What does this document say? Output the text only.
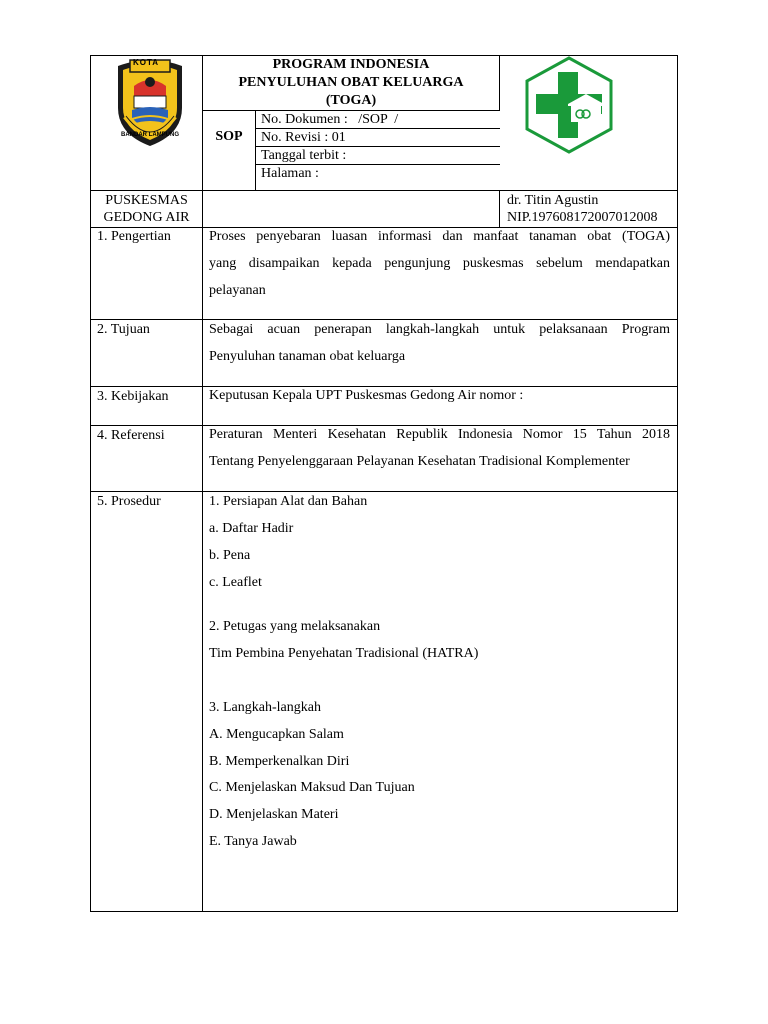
KOTA
BANDAR LAMPUNG
PROGRAM INDONESIA
PENYULUHAN OBAT KELUARGA
(TOGA)
SOP
No. Dokumen :   /SOP  /
No. Revisi : 01
Tanggal terbit :
Halaman :
PUSKESMAS
GEDONG AIR
dr. Titin Agustin
NIP.197608172007012008
1. Pengertian	Proses penyebaran luasan informasi dan manfaat tanaman obat (TOGA)
yang disampaikan kepada pengunjung puskesmas sebelum mendapatkan
pelayanan
2. Tujuan	Sebagai acuan penerapan langkah-langkah untuk pelaksanaan Program
Penyuluhan tanaman obat keluarga
3. Kebijakan	Keputusan Kepala UPT Puskesmas Gedong Air nomor :
4. Referensi	Peraturan Menteri Kesehatan Republik Indonesia Nomor 15 Tahun 2018
Tentang Penyelenggaraan Pelayanan Kesehatan Tradisional Komplementer
5. Prosedur	1. Persiapan Alat dan Bahan
a. Daftar Hadir
b. Pena
c. Leaflet
2. Petugas yang melaksanakan
Tim Pembina Penyehatan Tradisional (HATRA)
3. Langkah-langkah
A. Mengucapkan Salam
B. Memperkenalkan Diri
C. Menjelaskan Maksud Dan Tujuan
D. Menjelaskan Materi
E. Tanya Jawab
